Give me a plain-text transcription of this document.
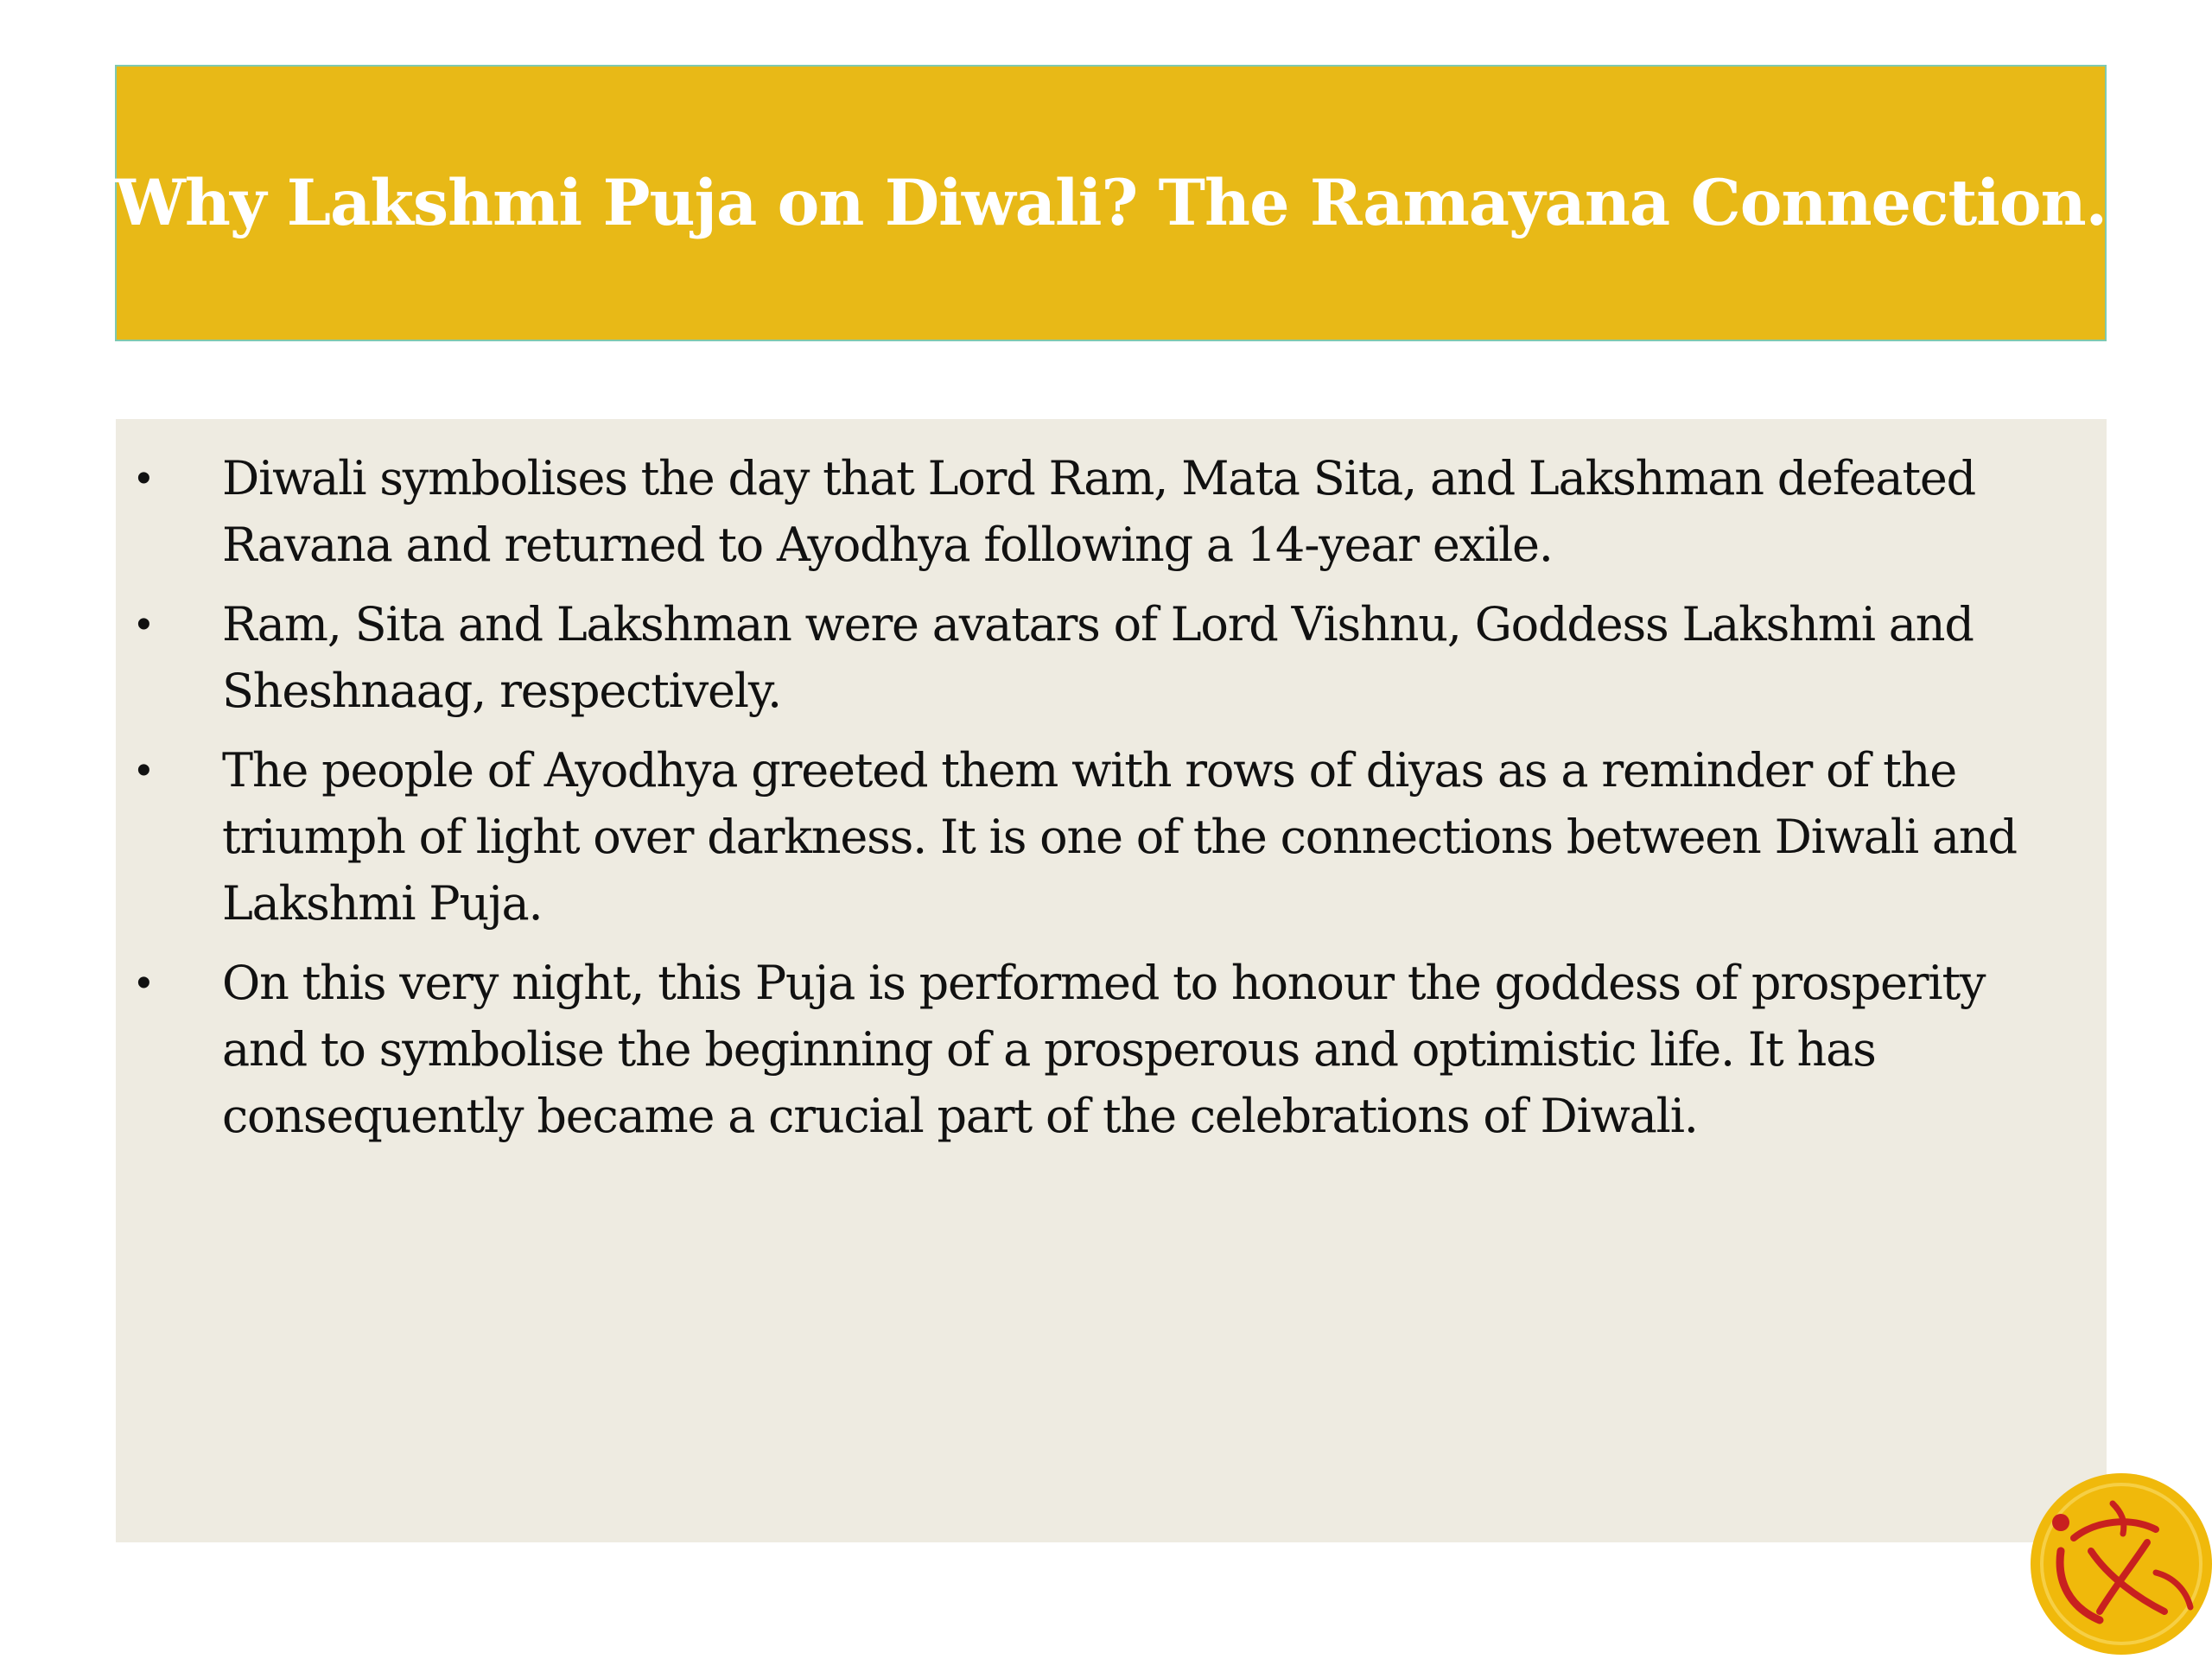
Why Lakshmi Puja on Diwali? The Ramayana Connection.
• Diwali symbolises the day that Lord Ram, Mata Sita, and Lakshman defeated Ravana and returned to Ayodhya following a 14-year exile.
• Ram, Sita and Lakshman were avatars of Lord Vishnu, Goddess Lakshmi and Sheshnaag, respectively.
• The people of Ayodhya greeted them with rows of diyas as a reminder of the triumph of light over darkness. It is one of the connections between Diwali and Lakshmi Puja.
• On this very night, this Puja is performed to honour the goddess of prosperity and to symbolise the beginning of a prosperous and optimistic life. It has consequently became a crucial part of the celebrations of Diwali.
